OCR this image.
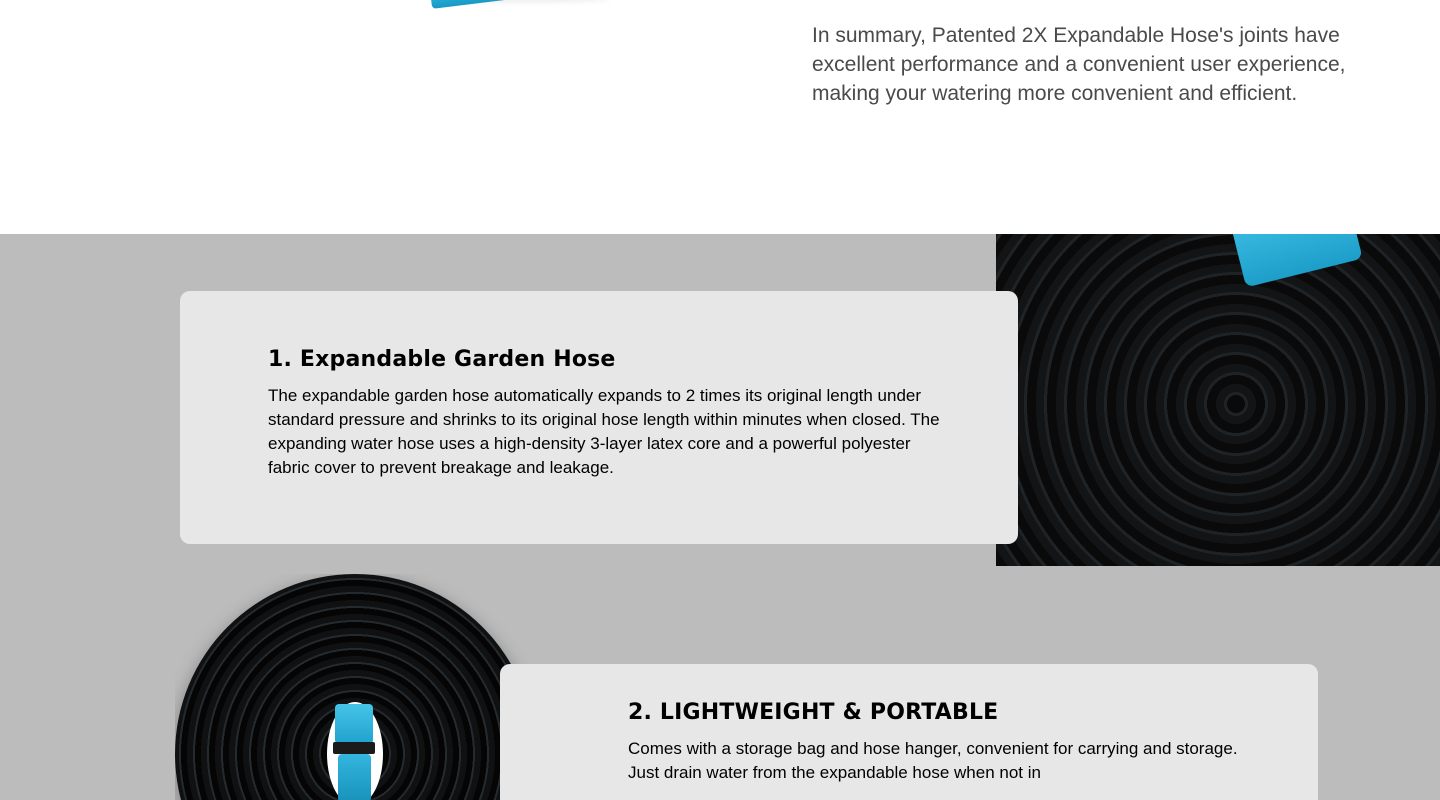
In summary, Patented 2X Expandable Hose's joints have excellent performance and a convenient user experience, making your watering more convenient and efficient.

1. Expandable Garden Hose

The expandable garden hose automatically expands to 2 times its original length under standard pressure and shrinks to its original hose length within minutes when closed. The expanding water hose uses a high-density 3-layer latex core and a powerful polyester fabric cover to prevent breakage and leakage.

2. LIGHTWEIGHT & PORTABLE

Comes with a storage bag and hose hanger, convenient for carrying and storage. Just drain water from the expandable hose when not in
